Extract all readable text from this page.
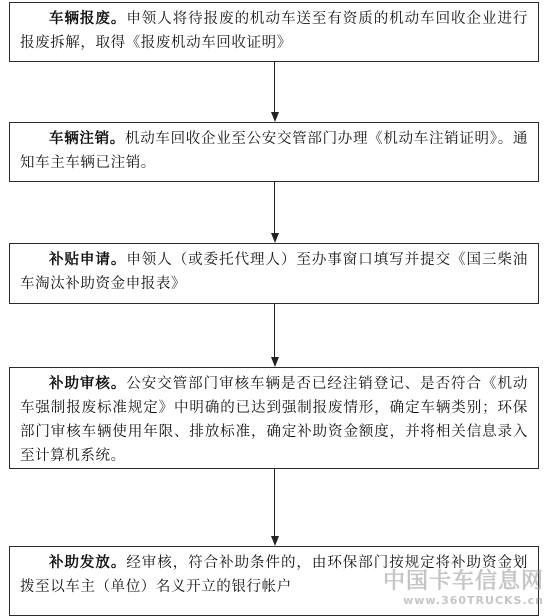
车辆报废。申领人将待报废的机动车送至有资质的机动车回收企业进行报废拆解，取得《报废机动车回收证明》

车辆注销。机动车回收企业至公安交管部门办理《机动车注销证明》。通知车主车辆已注销。

补贴申请。申领人（或委托代理人）至办事窗口填写并提交《国三柴油车淘汰补助资金申报表》

补助审核。公安交管部门审核车辆是否已经注销登记、是否符合《机动车强制报废标准规定》中明确的已达到强制报废情形，确定车辆类别；环保部门审核车辆使用年限、排放标准，确定补助资金额度，并将相关信息录入至计算机系统。

补助发放。经审核，符合补助条件的，由环保部门按规定将补助资金划拨至以车主（单位）名义开立的银行帐户	中国卡车信息网
www.360TRUCKS.cn
